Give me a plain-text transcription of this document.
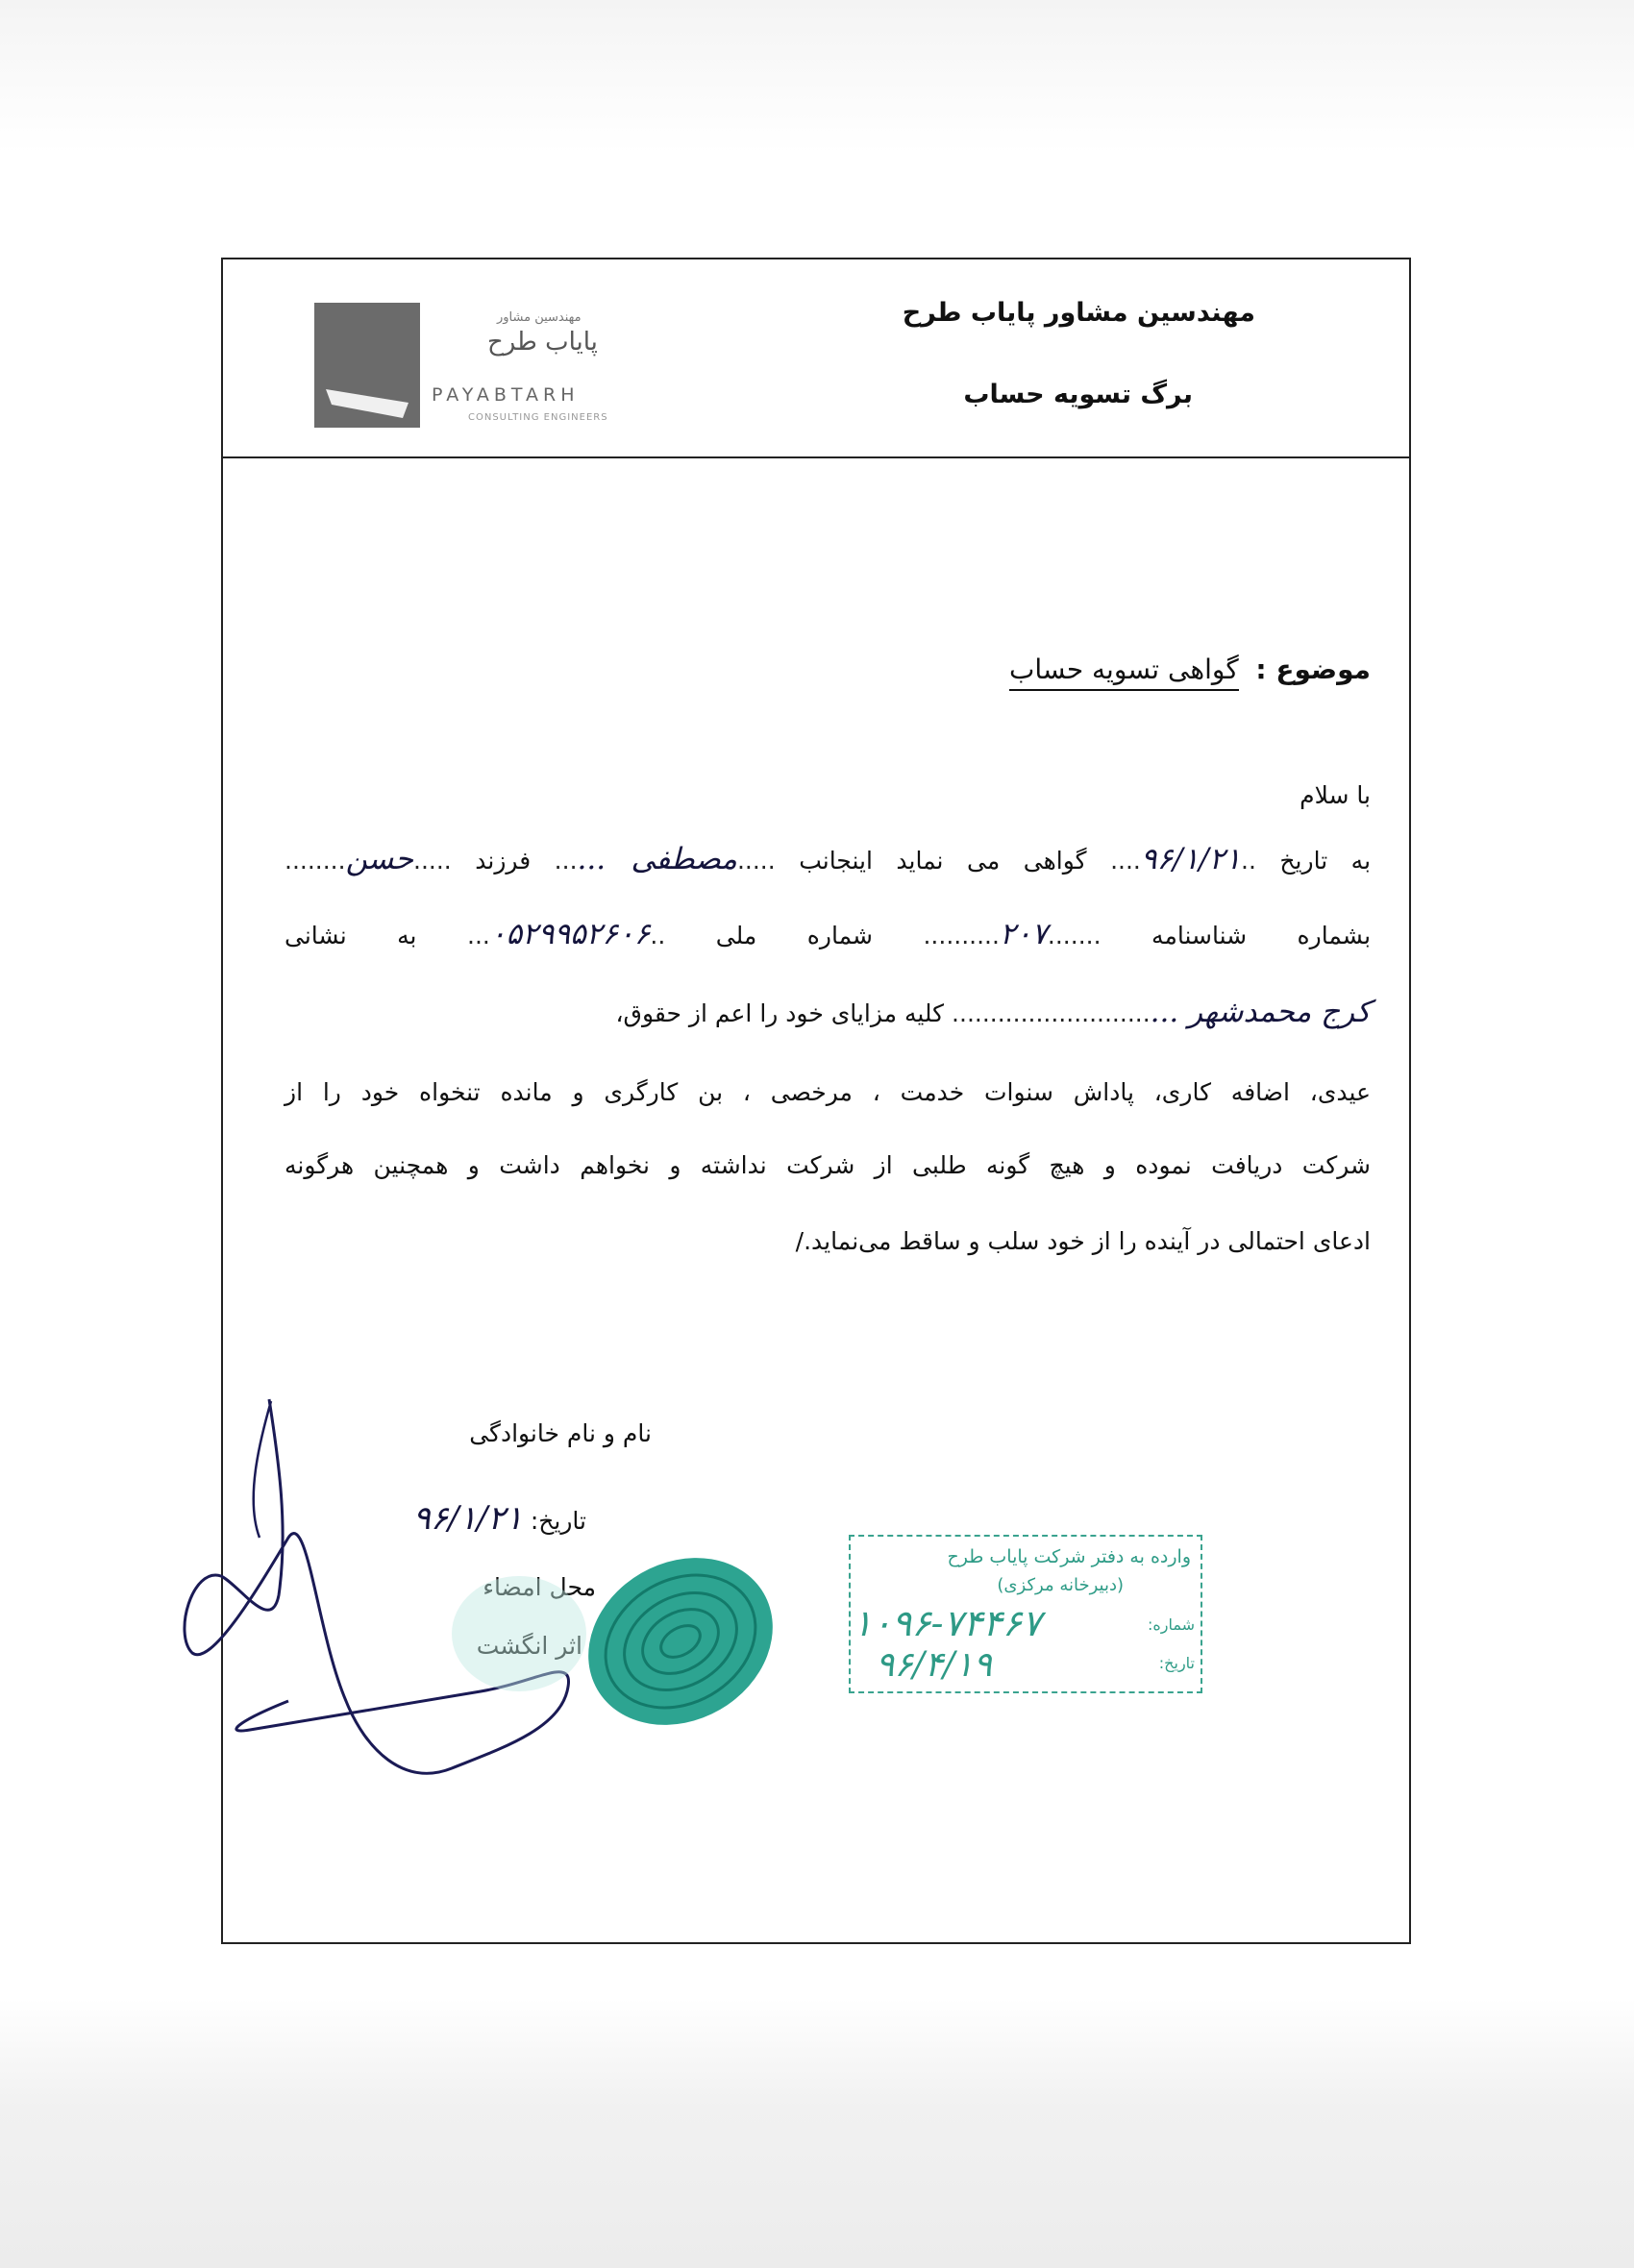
مهندسین مشاور پایاب طرح
برگ تسویه حساب
مهندسین مشاور
پایاب طرح
PAYABTARH
CONSULTING ENGINEERS
موضوع : گواهی تسویه حساب
با سلام
به تاریخ ..۹۶/۱/۲۱.... گواهی می نماید اینجانب .....مصطفی ...... فرزند .....حسن........
بشماره شناسنامه .......۲۰۷.......... شماره ملی ..۰۵۲۹۹۵۲۶۰۶... به نشانی
کرج محمدشهر ............................. کلیه مزایای خود را اعم از حقوق،
عیدی، اضافه کاری، پاداش سنوات خدمت ، مرخصی ، بن کارگری و مانده تنخواه خود را از
شرکت دریافت نموده و هیچ گونه طلبی از شرکت نداشته و نخواهم داشت و همچنین هرگونه
ادعای احتمالی در آینده را از خود سلب و ساقط می‌نماید./
نام و نام خانوادگی
تاریخ: ۹۶/۱/۲۱
محل امضاء
اثر انگشت
وارده به دفتر شرکت پایاب طرح
(دبیرخانه مرکزی)
شماره:
۱۰۹۶-۷۴۴۶۷
تاریخ:
۹۶/۴/۱۹
